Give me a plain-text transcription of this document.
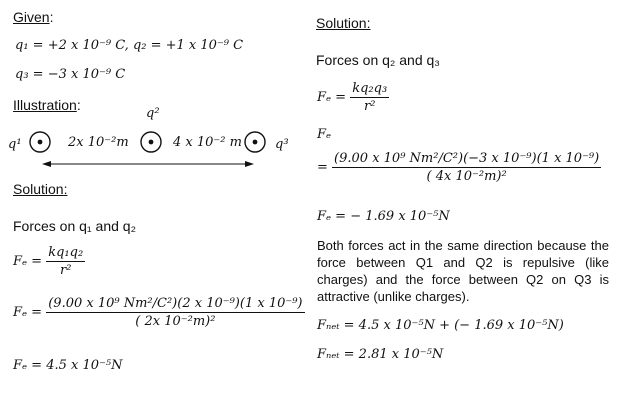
Given:
q₁ = +2 x 10⁻⁹ C, q₂ = +1 x 10⁻⁹ C
q₃ = −3 x 10⁻⁹ C
Illustration:
q²
q¹	2x 10⁻²m	4 x 10⁻² m	q³
Solution:
Forces on q₁ and q₂
$F_e = \frac{\text{kq₁q₂}}{\text{r²}}$
$F_e = \frac{\text{(9.00 x 10⁹ Nm²/C²)(2 x 10⁻⁹)(1 x 10⁻⁹)}}{\text{( 2x 10⁻²m)²}}$
Fₑ = 4.5 x 10⁻⁵N
Solution:
Forces on q₂ and q₃
$F_e = \frac{\text{kq₂q₃}}{\text{r²}}$
Fₑ
= $\frac{\text{(9.00 x 10⁹ Nm²/C²)(−3 x 10⁻⁹)(1 x 10⁻⁹)}}{\text{( 4x 10⁻²m)²}}$
Fₑ = − 1.69 x 10⁻⁵N
Both forces act in the same direction because the force between Q1 and Q2 is repulsive (like charges) and the force between Q2 on Q3 is attractive (unlike charges).
Fₙₑₜ = 4.5 x 10⁻⁵N + (− 1.69 x 10⁻⁵N)
Fₙₑₜ = 2.81 x 10⁻⁵N
